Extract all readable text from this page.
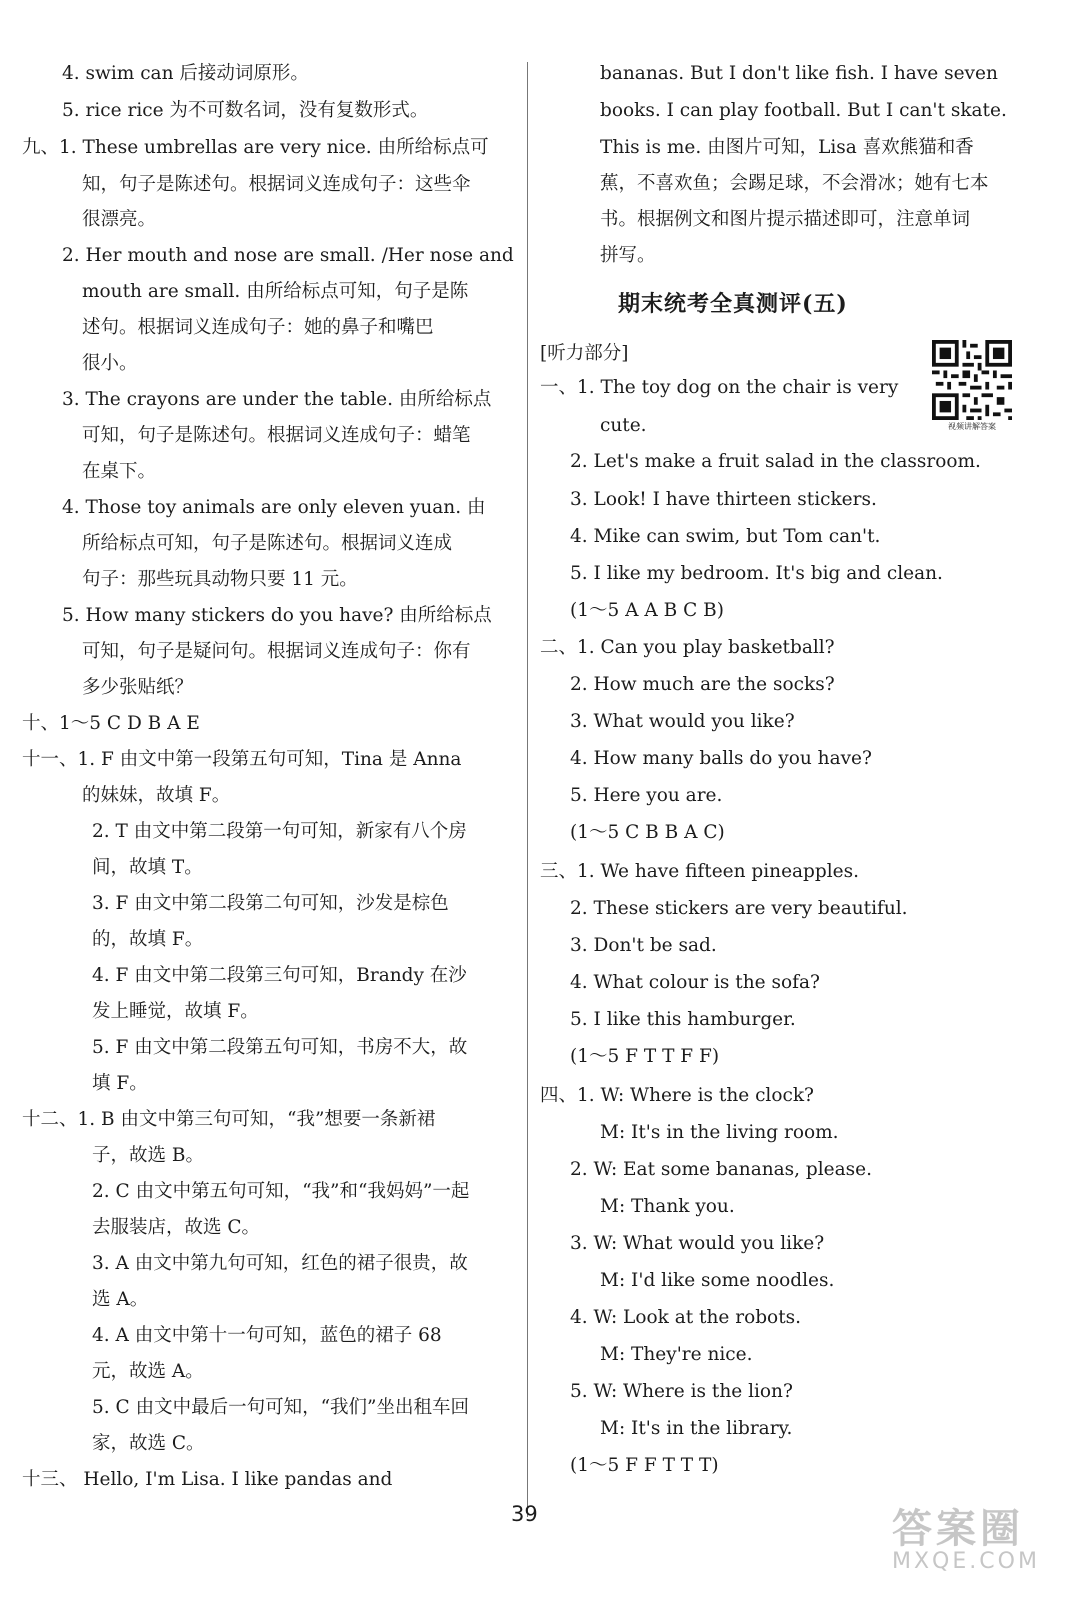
4. swim can 后接动词原形。
5. rice rice 为不可数名词，没有复数形式。
九、1. These umbrellas are very nice. 由所给标点可
知，句子是陈述句。根据词义连成句子：这些伞
很漂亮。
2. Her mouth and nose are small. /Her nose and
mouth are small. 由所给标点可知，句子是陈
述句。根据词义连成句子：她的鼻子和嘴巴
很小。
3. The crayons are under the table. 由所给标点
可知，句子是陈述句。根据词义连成句子：蜡笔
在桌下。
4. Those toy animals are only eleven yuan. 由
所给标点可知，句子是陈述句。根据词义连成
句子：那些玩具动物只要 11 元。
5. How many stickers do you have? 由所给标点
可知，句子是疑问句。根据词义连成句子：你有
多少张贴纸？
十、1～5 C D B A E
十一、1. F 由文中第一段第五句可知，Tina 是 Anna
的妹妹，故填 F。
2. T 由文中第二段第一句可知，新家有八个房
间，故填 T。
3. F 由文中第二段第二句可知，沙发是棕色
的，故填 F。
4. F 由文中第二段第三句可知，Brandy 在沙
发上睡觉，故填 F。
5. F 由文中第二段第五句可知，书房不大，故
填 F。
十二、1. B 由文中第三句可知，“我”想要一条新裙
子，故选 B。
2. C 由文中第五句可知，“我”和“我妈妈”一起
去服装店，故选 C。
3. A 由文中第九句可知，红色的裙子很贵，故
选 A。
4. A 由文中第十一句可知，蓝色的裙子 68
元，故选 A。
5. C 由文中最后一句可知，“我们”坐出租车回
家，故选 C。
十三、 Hello, I'm Lisa. I like pandas and
bananas. But I don't like fish. I have seven
books. I can play football. But I can't skate.
This is me. 由图片可知，Lisa 喜欢熊猫和香
蕉，不喜欢鱼；会踢足球，不会滑冰；她有七本
书。根据例文和图片提示描述即可，注意单词
拼写。
期末统考全真测评(五)
视频讲解答案
[听力部分]
一、1. The toy dog on the chair is very
cute.
2. Let's make a fruit salad in the classroom.
3. Look! I have thirteen stickers.
4. Mike can swim, but Tom can't.
5. I like my bedroom. It's big and clean.
(1～5 A A B C B)
二、1. Can you play basketball?
2. How much are the socks?
3. What would you like?
4. How many balls do you have?
5. Here you are.
(1～5 C B B A C)
三、1. We have fifteen pineapples.
2. These stickers are very beautiful.
3. Don't be sad.
4. What colour is the sofa?
5. I like this hamburger.
(1～5 F T T F F)
四、1. W: Where is the clock?
M: It's in the living room.
2. W: Eat some bananas, please.
M: Thank you.
3. W: What would you like?
M: I'd like some noodles.
4. W: Look at the robots.
M: They're nice.
5. W: Where is the lion?
M: It's in the library.
(1～5 F F T T T)
39	答案圈
MXQE.COM
